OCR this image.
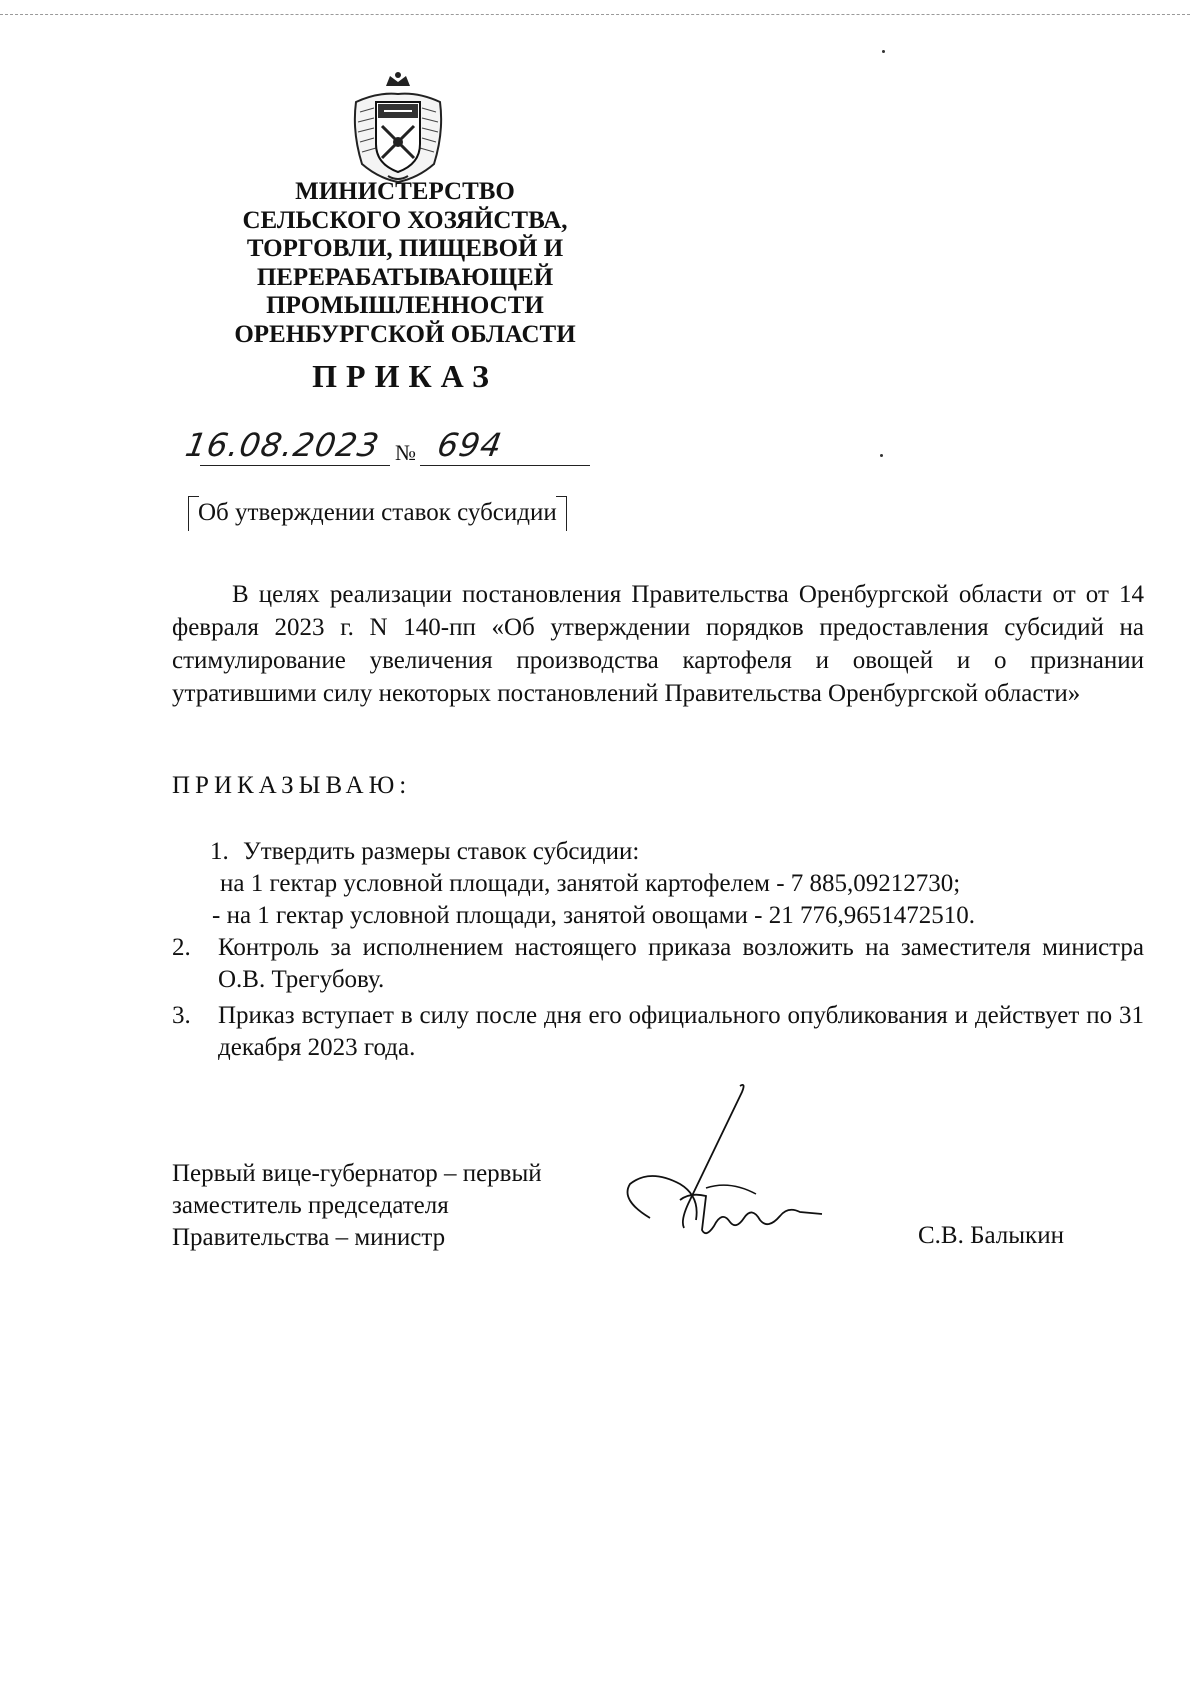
МИНИСТЕРСТВО
СЕЛЬСКОГО ХОЗЯЙСТВА,
ТОРГОВЛИ, ПИЩЕВОЙ И
ПЕРЕРАБАТЫВАЮЩЕЙ
ПРОМЫШЛЕННОСТИ
ОРЕНБУРГСКОЙ ОБЛАСТИ
ПРИКАЗ
16.08.2023 № 694
Об утверждении ставок субсидии

В целях реализации постановления Правительства Оренбургской области от от 14 февраля 2023 г. N 140-пп «Об утверждении порядков предоставления субсидий на стимулирование увеличения производства картофеля и овощей и о признании утратившими силу некоторых постановлений Правительства Оренбургской области»

ПРИКАЗЫВАЮ:
1. Утвердить размеры ставок субсидии:
на 1 гектар условной площади, занятой картофелем - 7 885,09212730;
- на 1 гектар условной площади, занятой овощами - 21 776,9651472510.
2. Контроль за исполнением настоящего приказа возложить на заместителя министра О.В. Трегубову.
3. Приказ вступает в силу после дня его официального опубликования и действует по 31 декабря 2023 года.
Первый вице-губернатор – первый
заместитель председателя
Правительства – министр	С.В. Балыкин
